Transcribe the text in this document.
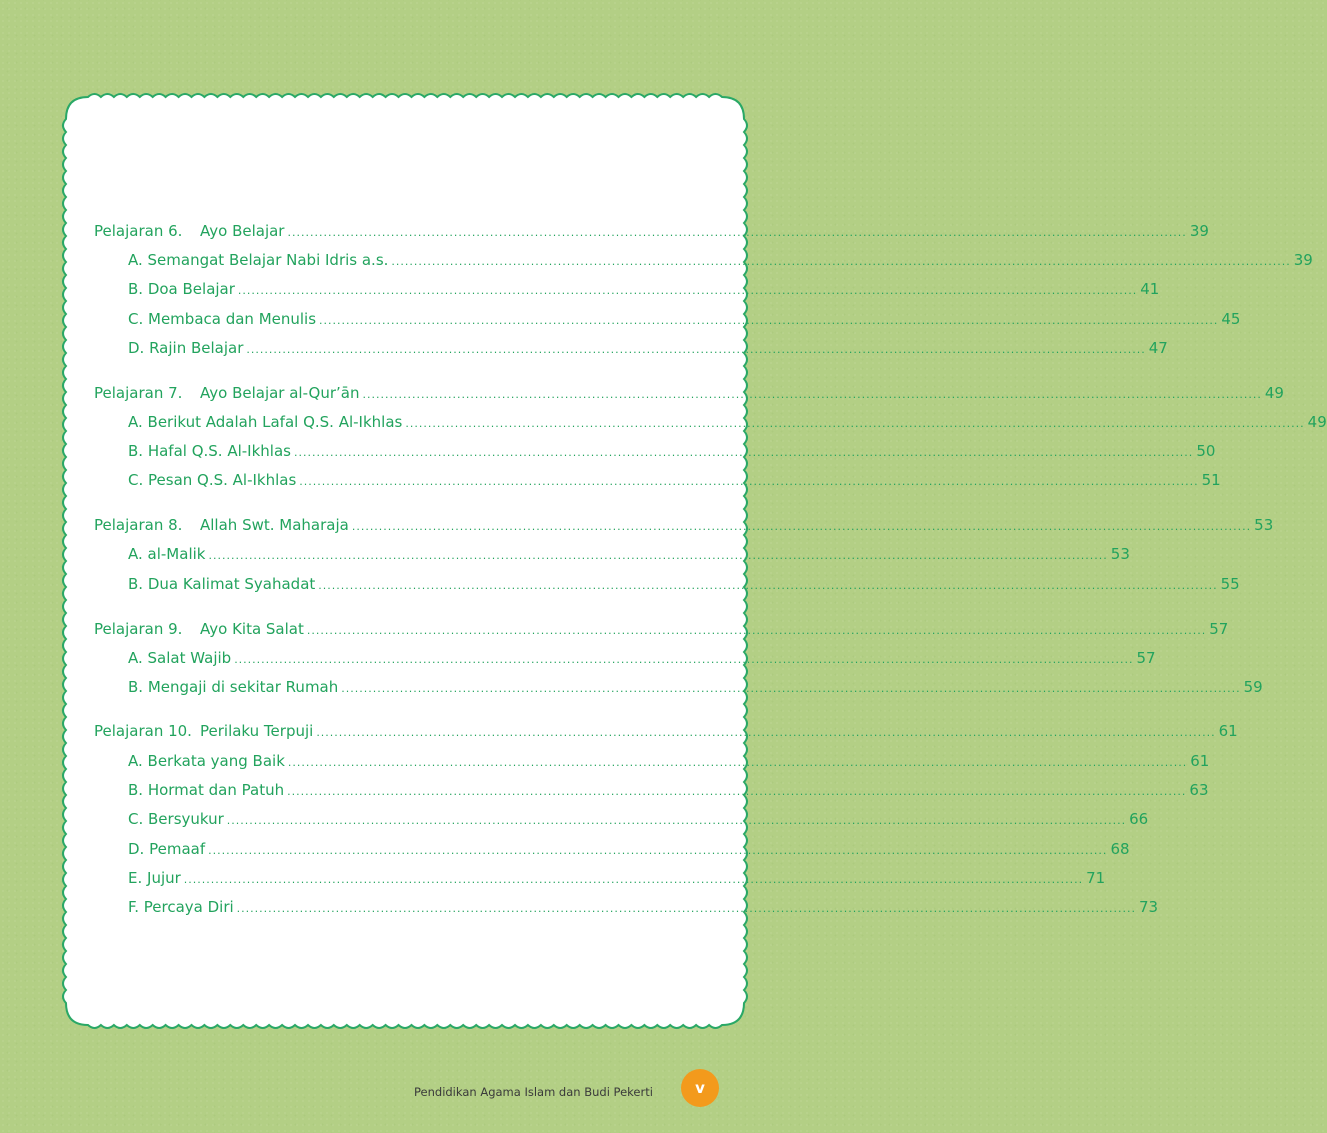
Pelajaran 6. Ayo Belajar ........................................................................................................................................................................................................ 39
A. Semangat Belajar Nabi Idris a.s. ........................................................................................................................................................................................................ 39
B. Doa Belajar ........................................................................................................................................................................................................ 41
C. Membaca dan Menulis ........................................................................................................................................................................................................ 45
D. Rajin Belajar ........................................................................................................................................................................................................ 47
Pelajaran 7. Ayo Belajar al-Qur’ān ........................................................................................................................................................................................................ 49
A. Berikut Adalah Lafal Q.S. Al-Ikhlas ........................................................................................................................................................................................................ 49
B. Hafal Q.S. Al-Ikhlas ........................................................................................................................................................................................................ 50
C. Pesan Q.S. Al-Ikhlas ........................................................................................................................................................................................................ 51
Pelajaran 8. Allah Swt. Maharaja ........................................................................................................................................................................................................ 53
A. al-Malik ........................................................................................................................................................................................................ 53
B. Dua Kalimat Syahadat ........................................................................................................................................................................................................ 55
Pelajaran 9. Ayo Kita Salat ........................................................................................................................................................................................................ 57
A. Salat Wajib ........................................................................................................................................................................................................ 57
B. Mengaji di sekitar Rumah ........................................................................................................................................................................................................ 59
Pelajaran 10. Perilaku Terpuji ........................................................................................................................................................................................................ 61
A. Berkata yang Baik ........................................................................................................................................................................................................ 61
B. Hormat dan Patuh ........................................................................................................................................................................................................ 63
C. Bersyukur ........................................................................................................................................................................................................ 66
D. Pemaaf ........................................................................................................................................................................................................ 68
E. Jujur ........................................................................................................................................................................................................ 71
F. Percaya Diri ........................................................................................................................................................................................................ 73
Pendidikan Agama Islam dan Budi Pekerti	v
